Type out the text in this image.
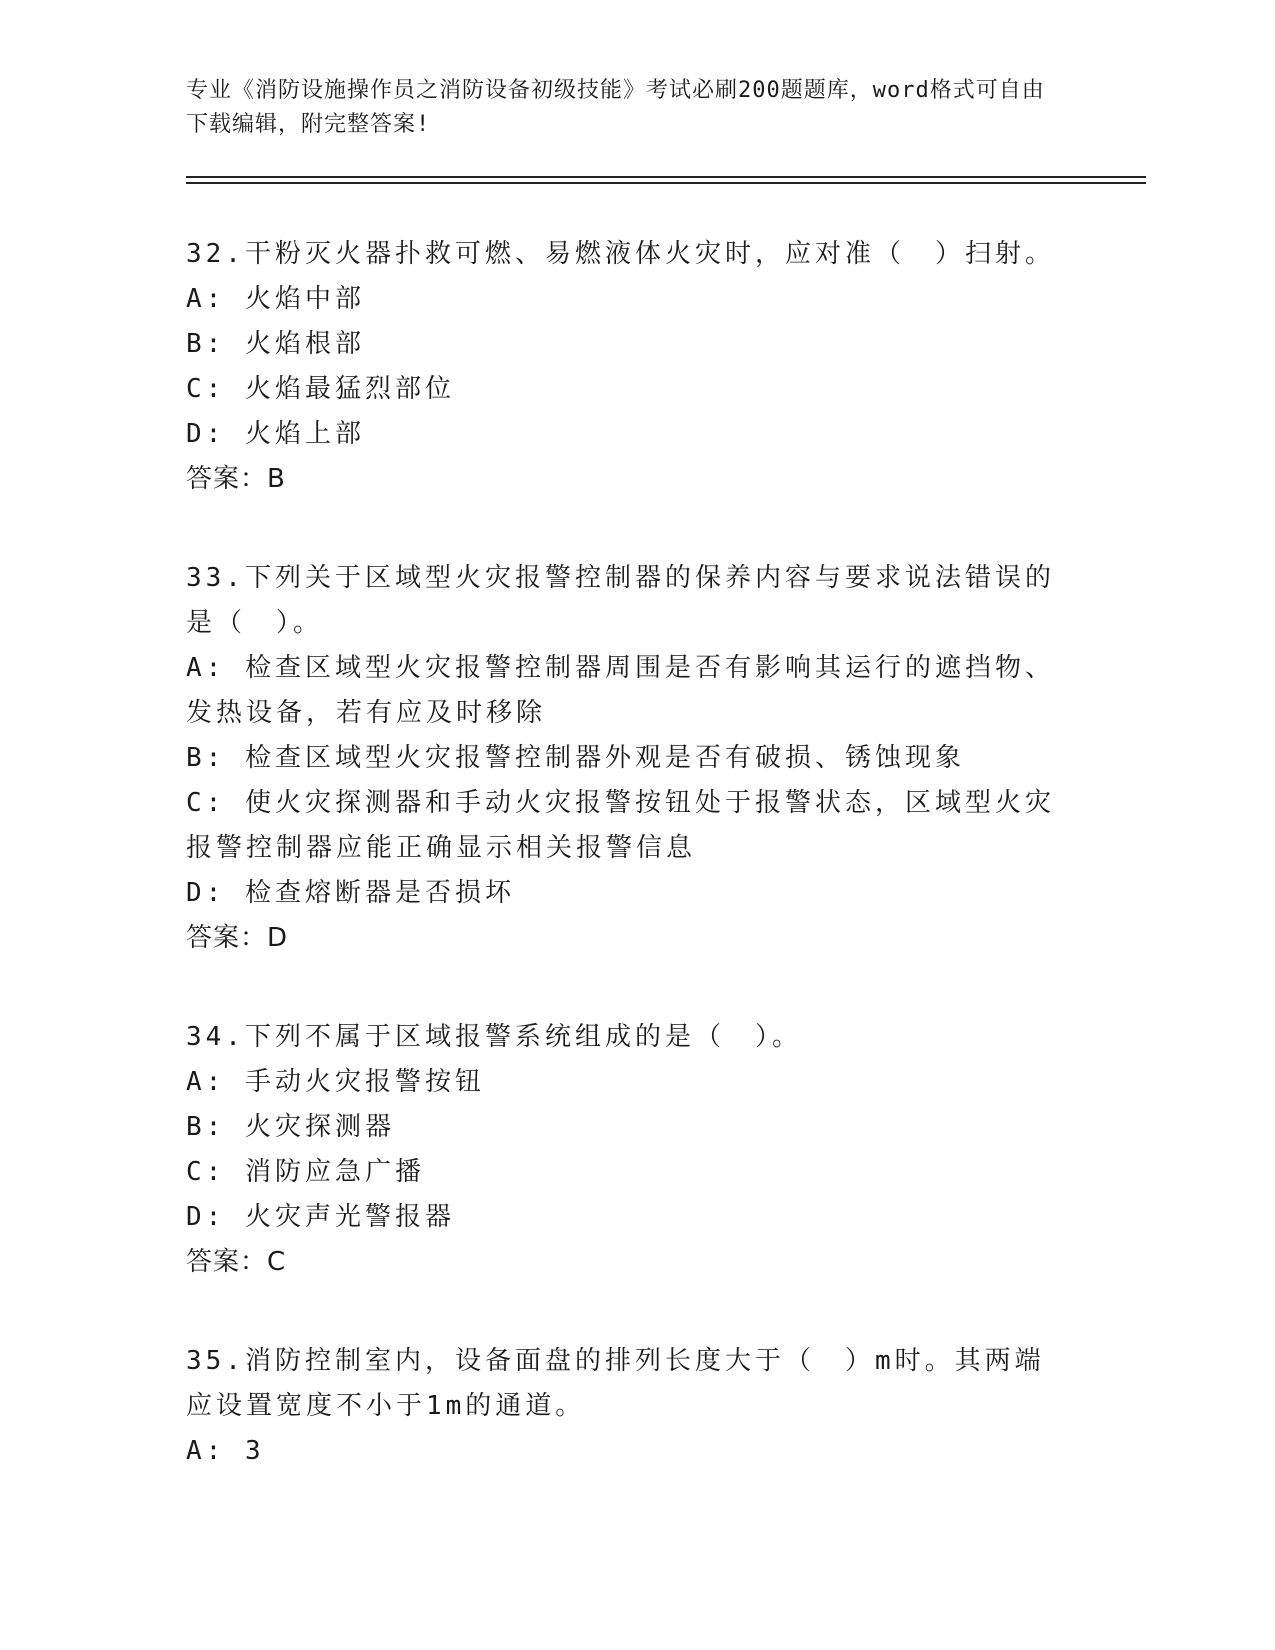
专业《消防设施操作员之消防设备初级技能》考试必刷200题题库，word格式可自由下载编辑，附完整答案!
32.干粉灭火器扑救可燃、易燃液体火灾时，应对准（　）扫射。
A: 火焰中部
B: 火焰根部
C: 火焰最猛烈部位
D: 火焰上部
答案：B
33.下列关于区域型火灾报警控制器的保养内容与要求说法错误的是（　）。
A: 检查区域型火灾报警控制器周围是否有影响其运行的遮挡物、发热设备，若有应及时移除
B: 检查区域型火灾报警控制器外观是否有破损、锈蚀现象
C: 使火灾探测器和手动火灾报警按钮处于报警状态，区域型火灾报警控制器应能正确显示相关报警信息
D: 检查熔断器是否损坏
答案：D
34.下列不属于区域报警系统组成的是（　）。
A: 手动火灾报警按钮
B: 火灾探测器
C: 消防应急广播
D: 火灾声光警报器
答案：C
35.消防控制室内，设备面盘的排列长度大于（　）m时。其两端应设置宽度不小于1m的通道。
A: 3
